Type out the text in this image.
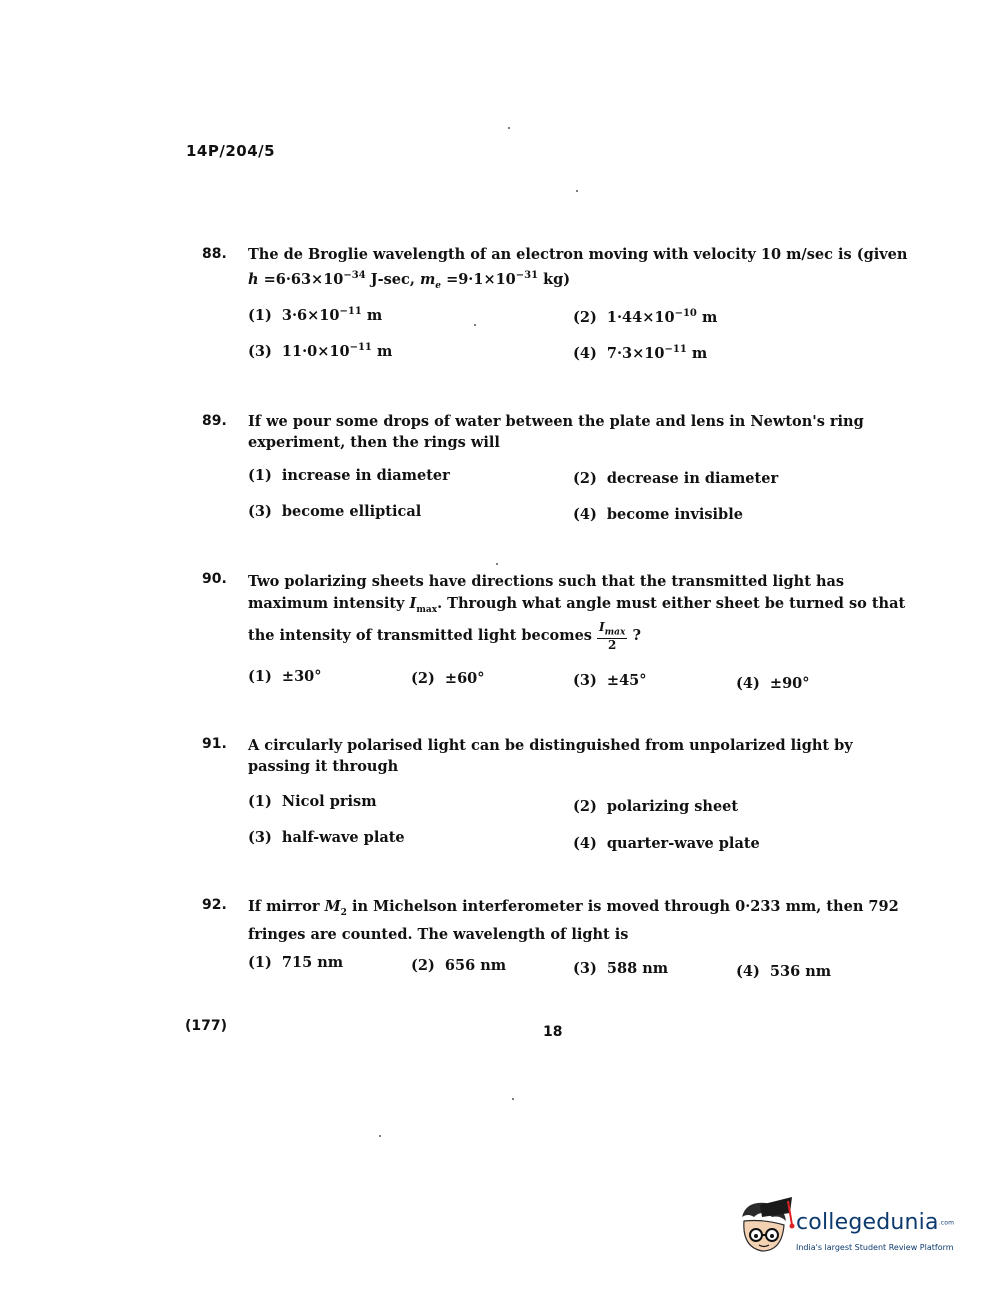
14P/204/5
88. The de Broglie wavelength of an electron moving with velocity 10 m/sec is (given
$h =6\cdot 63\times 10^{-34}$ J-sec, $m_e =9\cdot 1\times 10^{-31}$ kg)
(1) $3\cdot 6\times 10^{-11}$ m	(2) $1\cdot 44\times 10^{-10}$ m
(3) $11\cdot 0\times 10^{-11}$ m	(4) $7\cdot 3\times 10^{-11}$ m
89. If we pour some drops of water between the plate and lens in Newton's ring experiment, then the rings will
(1) increase in diameter	(2) decrease in diameter
(3) become elliptical	(4) become invisible
90. Two polarizing sheets have directions such that the transmitted light has maximum intensity $I_{max}$. Through what angle must either sheet be turned so that the intensity of transmitted light becomes $\frac{I_{max}}{2}$ ?
(1) ±30°	(2) ±60°	(3) ±45°	(4) ±90°
91. A circularly polarised light can be distinguished from unpolarized light by passing it through
(1) Nicol prism	(2) polarizing sheet
(3) half-wave plate	(4) quarter-wave plate
92. If mirror $M_2$ in Michelson interferometer is moved through 0·233 mm, then 792 fringes are counted. The wavelength of light is
(1) 715 nm	(2) 656 nm	(3) 588 nm	(4) 536 nm
(177)	18
collegedunia.com
India's largest Student Review Platform
